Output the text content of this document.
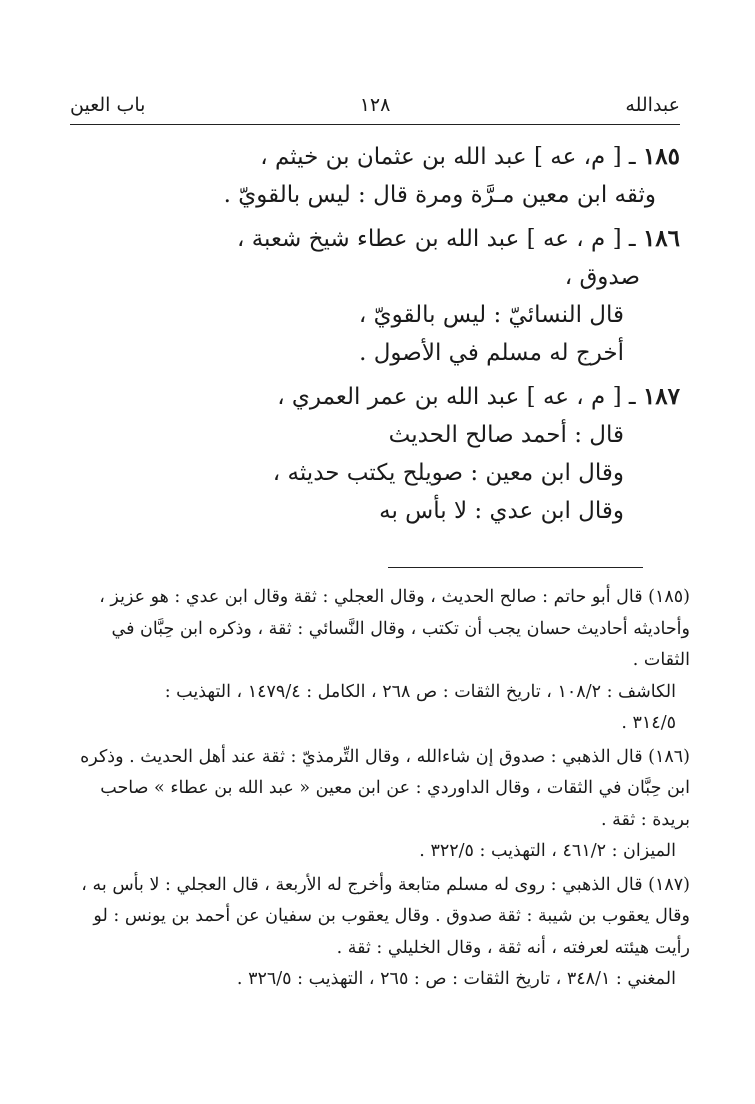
باب العين	١٢٨	عبدالله
١٨٥ ـ [ م، عه ] عبد الله بن عثمان بن خيثم ،
وثقه ابن معين مـرَّة ومرة قال : ليس بالقويّ .
١٨٦ ـ [ م ، عه ] عبد الله بن عطاء شيخ شعبة ،
صدوق ،
قال النسائيّ : ليس بالقويّ ،
أخرج له مسلم في الأصول .
١٨٧ ـ [ م ، عه ] عبد الله بن عمر العمري ،
قال : أحمد صالح الحديث
وقال ابن معين : صويلح يكتب حديثه ،
وقال ابن عدي : لا بأس به
(١٨٥) قال أبو حاتم : صالح الحديث ، وقال العجلي : ثقة وقال ابن عدي : هو عزيز ،
وأحاديثه أحاديث حسان يجب أن تكتب ، وقال النَّسائي : ثقة ، وذكره ابن حِبَّان في
الثقات .
الكاشف : ١٠٨/٢ ، تاريخ الثقات : ص ٢٦٨ ، الكامل : ١٤٧٩/٤ ، التهذيب :
٣١٤/٥ .
(١٨٦) قال الذهبي : صدوق إن شاءالله ، وقال التِّرمذيّ : ثقة عند أهل الحديث . وذكره
ابن حِبَّان في الثقات ، وقال الداوردي : عن ابن معين « عبد الله بن عطاء » صاحب
بريدة : ثقة .
الميزان : ٤٦١/٢ ، التهذيب : ٣٢٢/٥ .
(١٨٧) قال الذهبي : روى له مسلم متابعة وأخرج له الأربعة ، قال العجلي : لا بأس به ،
وقال يعقوب بن شيبة : ثقة صدوق . وقال يعقوب بن سفيان عن أحمد بن يونس : لو
رأيت هيئته لعرفته ، أنه ثقة ، وقال الخليلي : ثقة .
المغني : ٣٤٨/١ ، تاريخ الثقات : ص : ٢٦٥ ، التهذيب : ٣٢٦/٥ .
